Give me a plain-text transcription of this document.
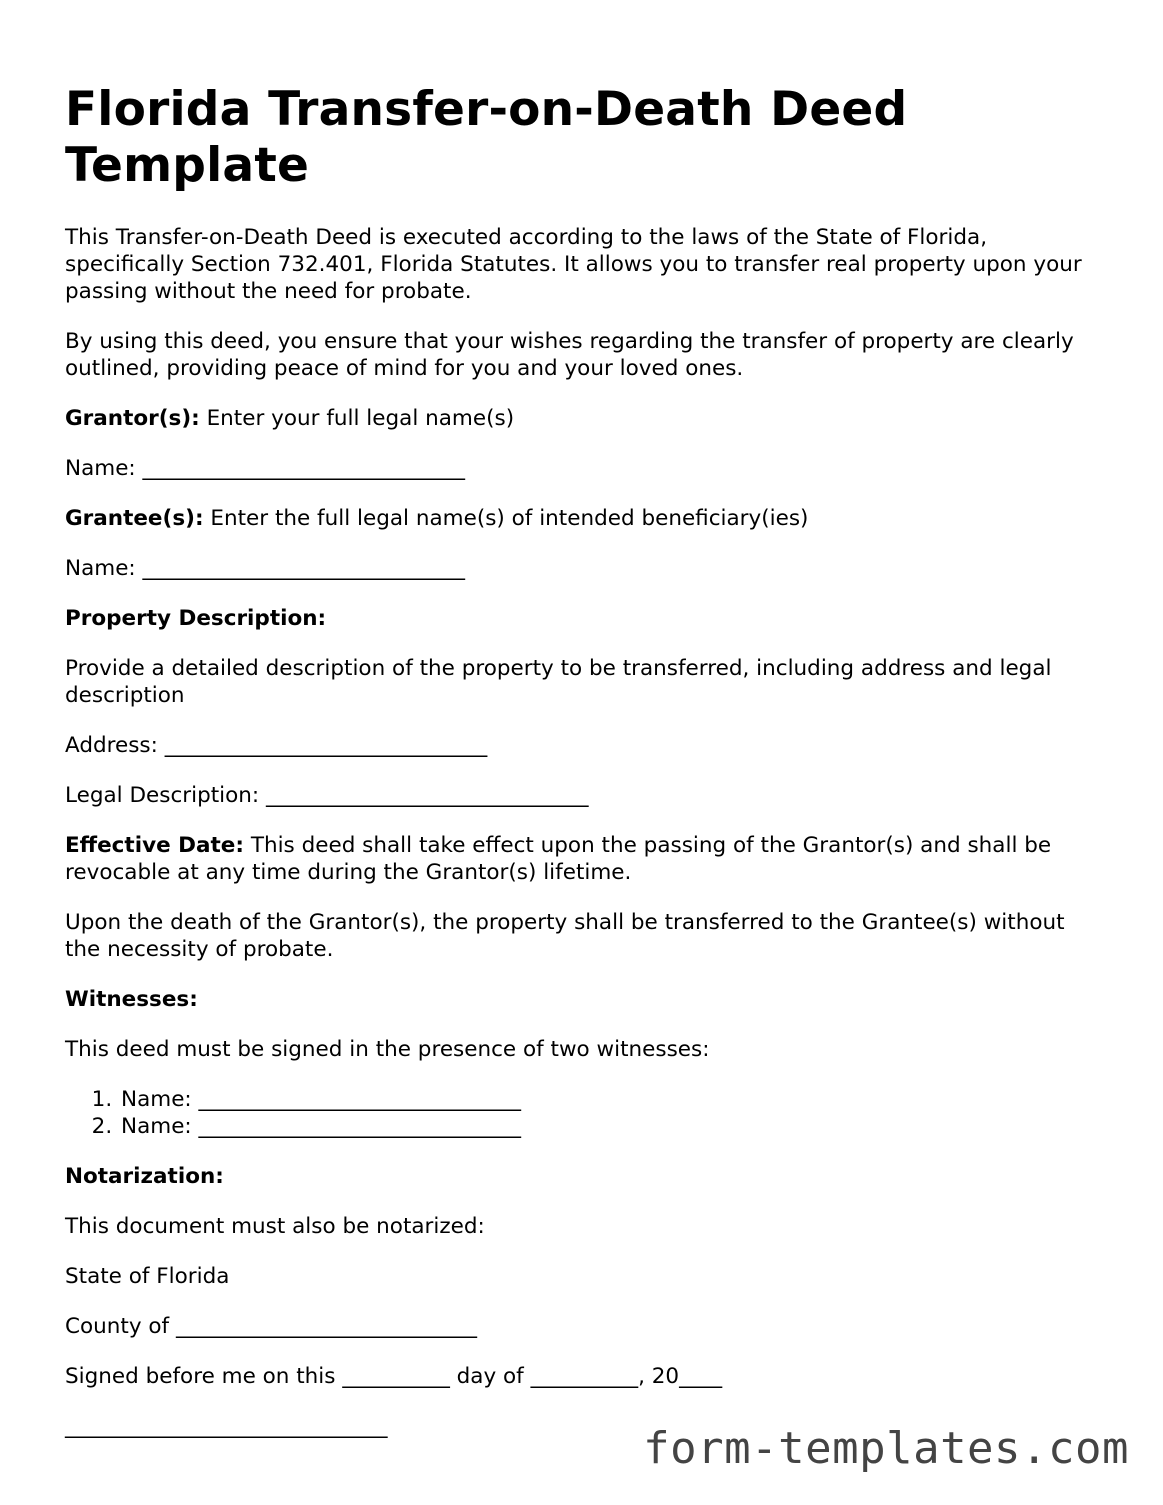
Florida Transfer-on-Death Deed Template

This Transfer-on-Death Deed is executed according to the laws of the State of Florida, specifically Section 732.401, Florida Statutes. It allows you to transfer real property upon your passing without the need for probate.

By using this deed, you ensure that your wishes regarding the transfer of property are clearly outlined, providing peace of mind for you and your loved ones.

Grantor(s): Enter your full legal name(s)

Name: ______________________________

Grantee(s): Enter the full legal name(s) of intended beneficiary(ies)

Name: ______________________________

Property Description:

Provide a detailed description of the property to be transferred, including address and legal description

Address: ______________________________

Legal Description: ______________________________

Effective Date: This deed shall take effect upon the passing of the Grantor(s) and shall be revocable at any time during the Grantor(s) lifetime.

Upon the death of the Grantor(s), the property shall be transferred to the Grantee(s) without the necessity of probate.

Witnesses:

This deed must be signed in the presence of two witnesses:

1. Name: ______________________________
2. Name: ______________________________

Notarization:

This document must also be notarized:

State of Florida

County of ____________________________

Signed before me on this __________ day of __________, 20____

______________________________	form-templates.com
